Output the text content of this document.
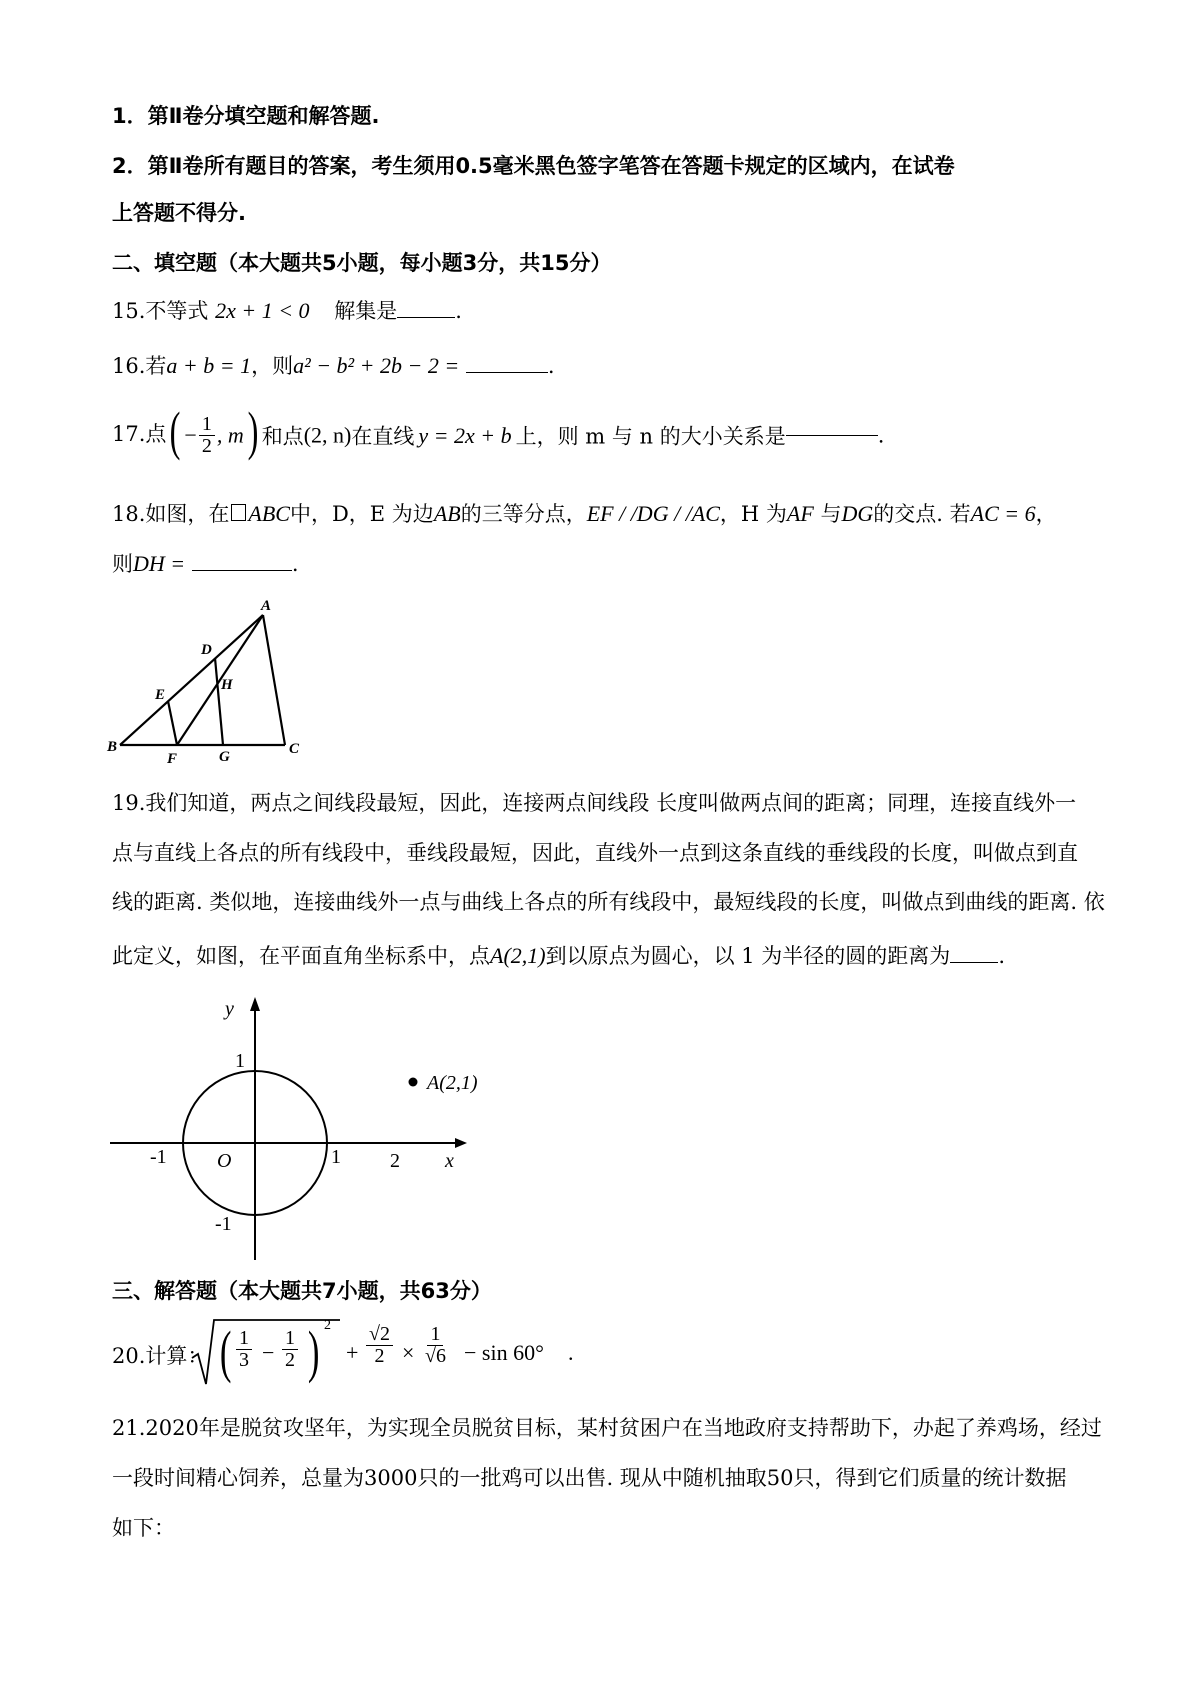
1．第Ⅱ卷分填空题和解答题.
2．第Ⅱ卷所有题目的答案，考生须用0.5毫米黑色签字笔答在答题卡规定的区域内，在试卷
上答题不得分.
二、填空题（本大题共5小题，每小题3分，共15分）
15.不等式 2x + 1 < 0 解集是	.
16.若a + b = 1，则a² − b² + 2b − 2 =	.
17.点( − $\frac{1}{2}$ , m) 和点(2, n)在直线 y = 2x + b 上，则 m 与 n 的大小关系是	.
18.如图，在 ABC中，D，E 为边AB的三等分点，EF / /DG / /AC，H 为AF 与DG的交点. 若AC = 6，
则DH =	.
A
B	C
D
E
F	G
H
19.我们知道，两点之间线段最短，因此，连接两点间线段 长度叫做两点间的距离；同理，连接直线外一
点与直线上各点的所有线段中，垂线段最短，因此，直线外一点到这条直线的垂线段的长度，叫做点到直
线的距离. 类似地，连接曲线外一点与曲线上各点的所有线段中，最短线段的长度，叫做点到曲线的距离. 依
此定义，如图，在平面直角坐标系中，点A(2,1)到以原点为圆心，以 1 为半径的圆的距离为 .
y
1
-1	O	1 2 x
-1
A(2,1)
三、解答题（本大题共7小题，共63分）
20.计算： ( $\frac{1}{3} - \frac{1}{2}$ ) 2
+ $\frac{√2}{2} \times \frac{1}{√6} - \sin 60^\circ$ .
21.2020年是脱贫攻坚年，为实现全员脱贫目标，某村贫困户在当地政府支持帮助下，办起了养鸡场，经过
一段时间精心饲养，总量为3000只的一批鸡可以出售. 现从中随机抽取50只，得到它们质量的统计数据
如下：
